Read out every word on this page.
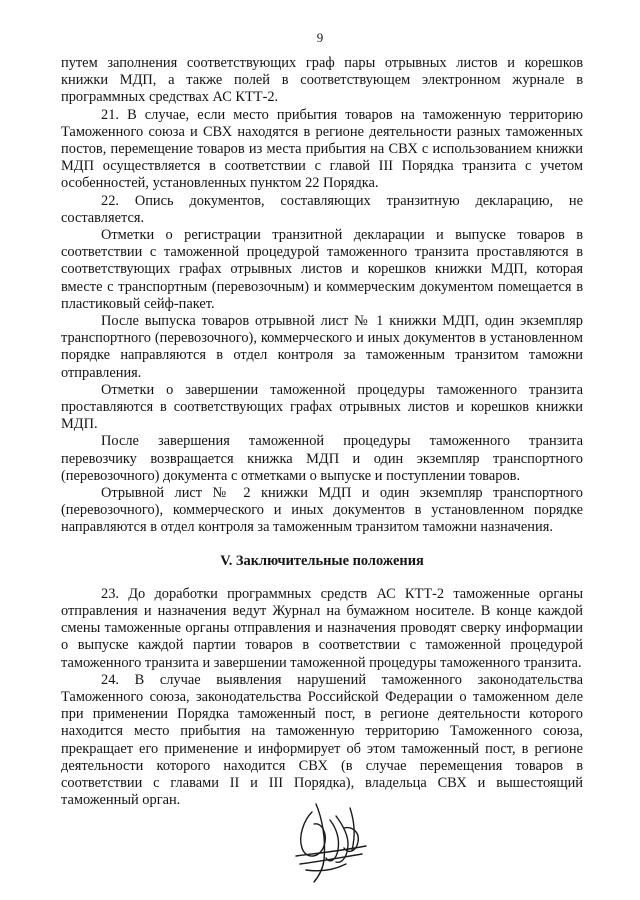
9

путем заполнения соответствующих граф пары отрывных листов и корешков книжки МДП, а также полей в соответствующем электронном журнале в программных средствах АС КТТ-2.

21. В случае, если место прибытия товаров на таможенную территорию Таможенного союза и СВХ находятся в регионе деятельности разных таможенных постов, перемещение товаров из места прибытия на СВХ с использованием книжки МДП осуществляется в соответствии с главой III Порядка транзита с учетом особенностей, установленных пунктом 22 Порядка.

22. Опись документов, составляющих транзитную декларацию, не составляется.

Отметки о регистрации транзитной декларации и выпуске товаров в соответствии с таможенной процедурой таможенного транзита проставляются в соответствующих графах отрывных листов и корешков книжки МДП, которая вместе с транспортным (перевозочным) и коммерческим документом помещается в пластиковый сейф-пакет.

После выпуска товаров отрывной лист № 1 книжки МДП, один экземпляр транспортного (перевозочного), коммерческого и иных документов в установленном порядке направляются в отдел контроля за таможенным транзитом таможни отправления.

Отметки о завершении таможенной процедуры таможенного транзита проставляются в соответствующих графах отрывных листов и корешков книжки МДП.

После завершения таможенной процедуры таможенного транзита перевозчику возвращается книжка МДП и один экземпляр транспортного (перевозочного) документа с отметками о выпуске и поступлении товаров.

Отрывной лист № 2 книжки МДП и один экземпляр транспортного (перевозочного), коммерческого и иных документов в установленном порядке направляются в отдел контроля за таможенным транзитом таможни назначения.

V. Заключительные положения

23. До доработки программных средств АС КТТ-2 таможенные органы отправления и назначения ведут Журнал на бумажном носителе. В конце каждой смены таможенные органы отправления и назначения проводят сверку информации о выпуске каждой партии товаров в соответствии с таможенной процедурой таможенного транзита и завершении таможенной процедуры таможенного транзита.

24. В случае выявления нарушений таможенного законодательства Таможенного союза, законодательства Российской Федерации о таможенном деле при применении Порядка таможенный пост, в регионе деятельности которого находится место прибытия на таможенную территорию Таможенного союза, прекращает его применение и информирует об этом таможенный пост, в регионе деятельности которого находится СВХ (в случае перемещения товаров в соответствии с главами II и III Порядка), владельца СВХ и вышестоящий таможенный орган.
